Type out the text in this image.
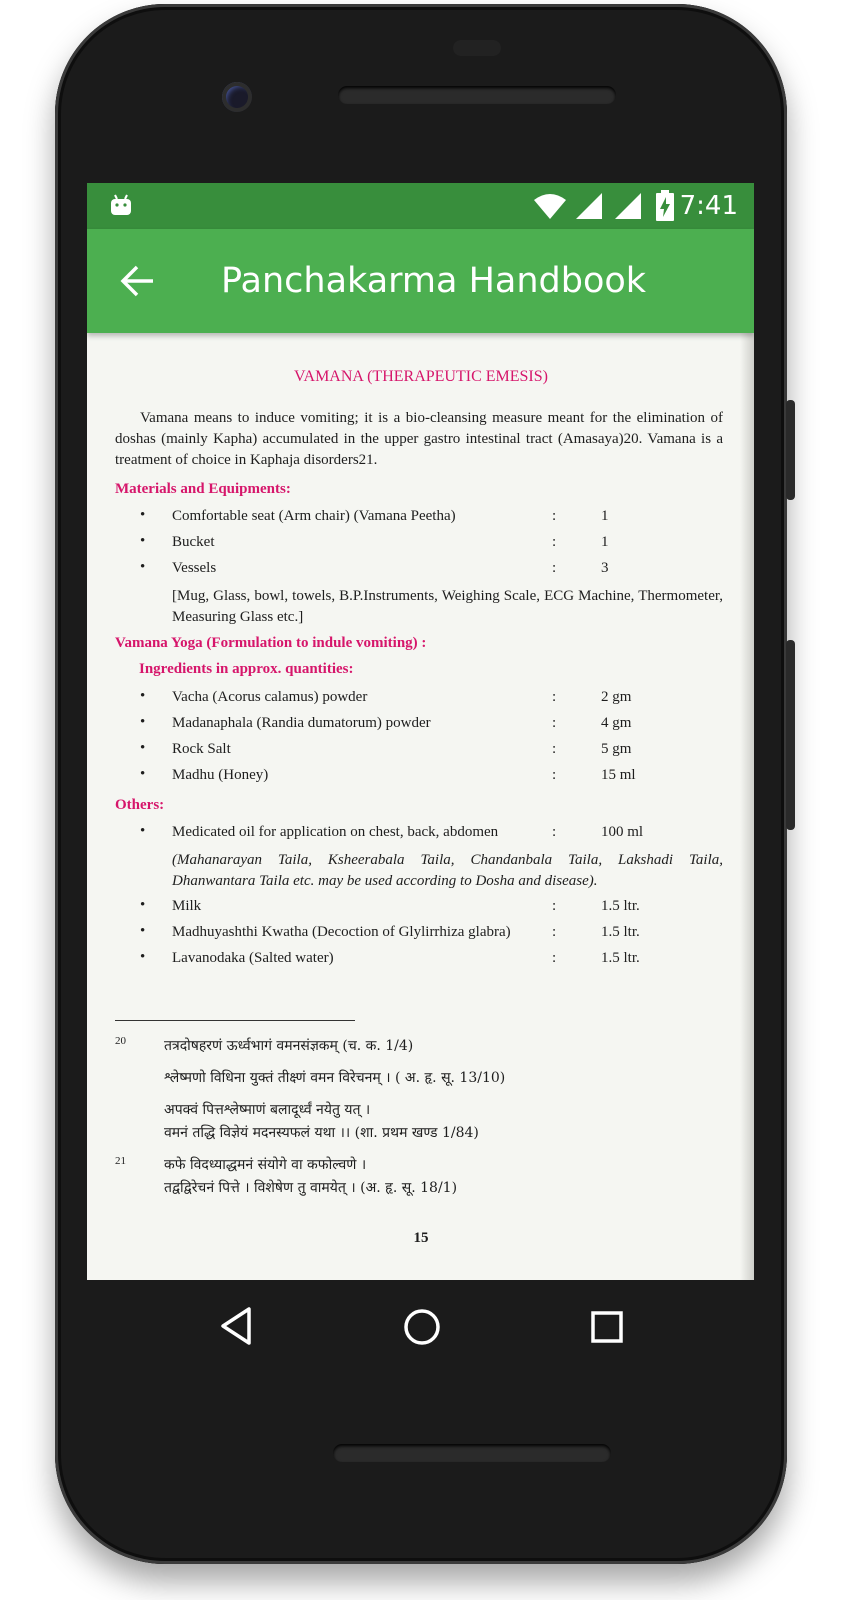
7:41
Panchakarma Handbook
VAMANA (THERAPEUTIC EMESIS)
Vamana means to induce vomiting; it is a bio-cleansing measure meant for the elimination of doshas (mainly Kapha) accumulated in the upper gastro intestinal tract (Amasaya)20. Vamana is a treatment of choice in Kaphaja disorders21.
Materials and Equipments:
• Comfortable seat (Arm chair) (Vamana Peetha)	:	1
• Bucket	:	1
• Vessels	:	3
[Mug, Glass, bowl, towels, B.P.Instruments, Weighing Scale, ECG Machine, Thermometer, Measuring Glass etc.]
Vamana Yoga (Formulation to indule vomiting) :
Ingredients in approx. quantities:
• Vacha (Acorus calamus) powder	:	2 gm
• Madanaphala (Randia dumatorum) powder	:	4 gm
• Rock Salt	:	5 gm
• Madhu (Honey)	:	15 ml
Others:
• Medicated oil for application on chest, back, abdomen	:	100 ml
(Mahanarayan Taila, Ksheerabala Taila, Chandanbala Taila, Lakshadi Taila, Dhanwantara Taila etc. may be used according to Dosha and disease).
• Milk	:	1.5 ltr.
• Madhuyashthi Kwatha (Decoction of Glylirrhiza glabra)	:	1.5 ltr.
• Lavanodaka (Salted water)	:	1.5 ltr.
20	तत्रदोषहरणं ऊर्ध्वभागं वमनसंज्ञकम् (च. क. 1/4)
श्लेष्मणो विधिना युक्तं तीक्ष्णं वमन विरेचनम् । ( अ. हृ. सू. 13/10)
अपक्वं पित्तश्लेष्माणं बलादूर्ध्वं नयेतु यत् ।
वमनं तद्धि विज्ञेयं मदनस्यफलं यथा ।। (शा. प्रथम खण्ड 1/84)
21	कफे विदध्याद्धमनं संयोगे वा कफोल्वणे ।
तद्वद्विरेचनं पित्ते । विशेषेण तु वामयेत् । (अ. हृ. सू. 18/1)
15
